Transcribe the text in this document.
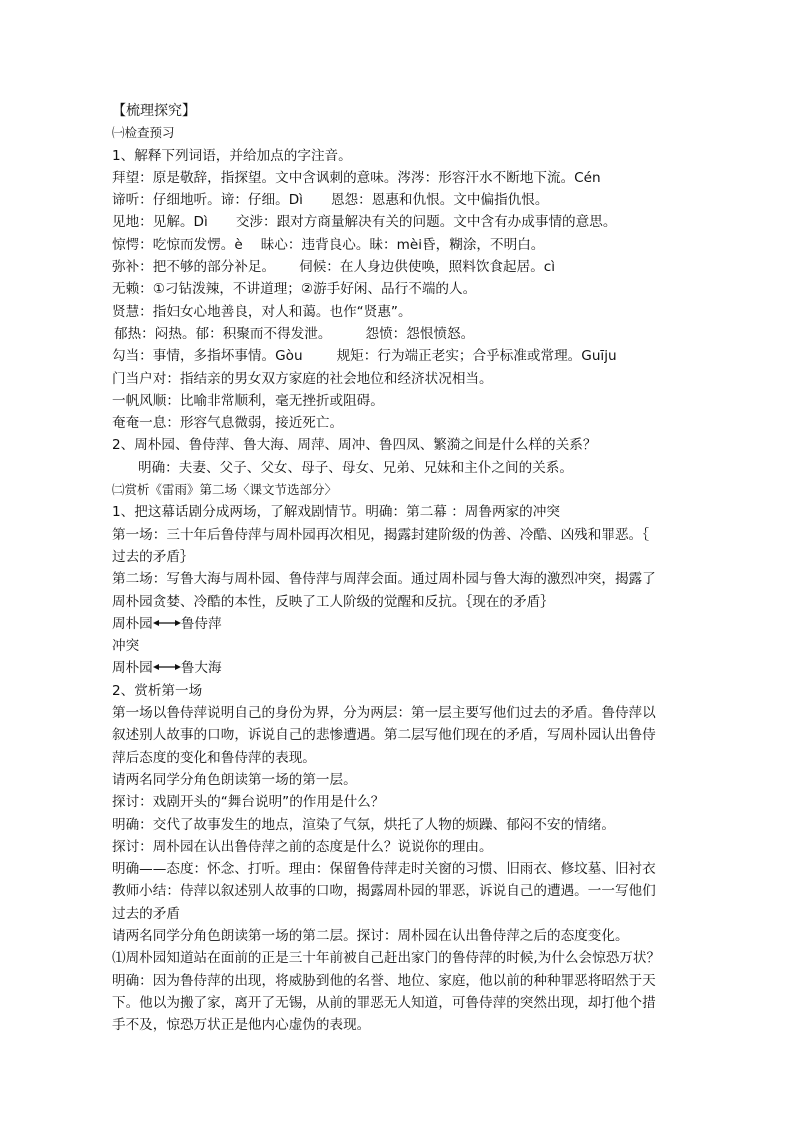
【梳理探究】
㈠检查预习
1、解释下列词语，并给加点的字注音。
拜望：原是敬辞，指探望。文中含讽刺的意味。涔涔：形容汗水不断地下流。Cén
谛听：仔细地听。谛：仔细。Dì 恩怨：恩惠和仇恨。文中偏指仇恨。
见地：见解。Dì 交涉：跟对方商量解决有关的问题。文中含有办成事情的意思。
惊愕：吃惊而发愣。è 昧心：违背良心。昧：mèi昏，糊涂，不明白。
弥补：把不够的部分补足。 伺候：在人身边供使唤，照料饮食起居。cì
无赖：①刁钻泼辣，不讲道理；②游手好闲、品行不端的人。
贤慧：指妇女心地善良，对人和蔼。也作“贤惠”。
郁热：闷热。郁：积聚而不得发泄。	怨愤：怨恨愤怒。
勾当：事情，多指坏事情。Gòu	规矩：行为端正老实；合乎标准或常理。Guīju
门当户对：指结亲的男女双方家庭的社会地位和经济状况相当。
一帆风顺：比喻非常顺利，毫无挫折或阻碍。
奄奄一息：形容气息微弱，接近死亡。
2、周朴园、鲁侍萍、鲁大海、周萍、周冲、鲁四凤、繁漪之间是什么样的关系？
明确：夫妻、父子、父女、母子、母女、兄弟、兄妹和主仆之间的关系。
㈡赏析《雷雨》第二场〈课文节选部分〉
1、把这幕话剧分成两场，了解戏剧情节。明确：第二幕 ：周鲁两家的冲突
第一场：三十年后鲁侍萍与周朴园再次相见，揭露封建阶级的伪善、冷酷、凶残和罪恶。｛
过去的矛盾｝
第二场：写鲁大海与周朴园、鲁侍萍与周萍会面。通过周朴园与鲁大海的激烈冲突，揭露了
周朴园贪婪、冷酷的本性，反映了工人阶级的觉醒和反抗。｛现在的矛盾｝
周朴园 鲁侍萍
冲突
周朴园 鲁大海
2、赏析第一场
第一场以鲁侍萍说明自己的身份为界，分为两层：第一层主要写他们过去的矛盾。鲁侍萍以
叙述别人故事的口吻，诉说自己的悲惨遭遇。第二层写他们现在的矛盾，写周朴园认出鲁侍
萍后态度的变化和鲁侍萍的表现。
请两名同学分角色朗读第一场的第一层。
探讨：戏剧开头的“舞台说明”的作用是什么？
明确：交代了故事发生的地点，渲染了气氛，烘托了人物的烦躁、郁闷不安的情绪。
探讨：周朴园在认出鲁侍萍之前的态度是什么？说说你的理由。
明确——态度：怀念、打听。理由：保留鲁侍萍走时关窗的习惯、旧雨衣、修坟墓、旧衬衣
教师小结：侍萍以叙述别人故事的口吻，揭露周朴园的罪恶，诉说自己的遭遇。一一写他们
过去的矛盾
请两名同学分角色朗读第一场的第二层。探讨：周朴园在认出鲁侍萍之后的态度变化。
⑴周朴园知道站在面前的正是三十年前被自己赶出家门的鲁侍萍的时候,为什么会惊恐万状？
明确：因为鲁侍萍的出现，将威胁到他的名誉、地位、家庭，他以前的种种罪恶将昭然于天
下。他以为搬了家，离开了无锡，从前的罪恶无人知道，可鲁侍萍的突然出现，却打他个措
手不及，惊恐万状正是他内心虚伪的表现。
